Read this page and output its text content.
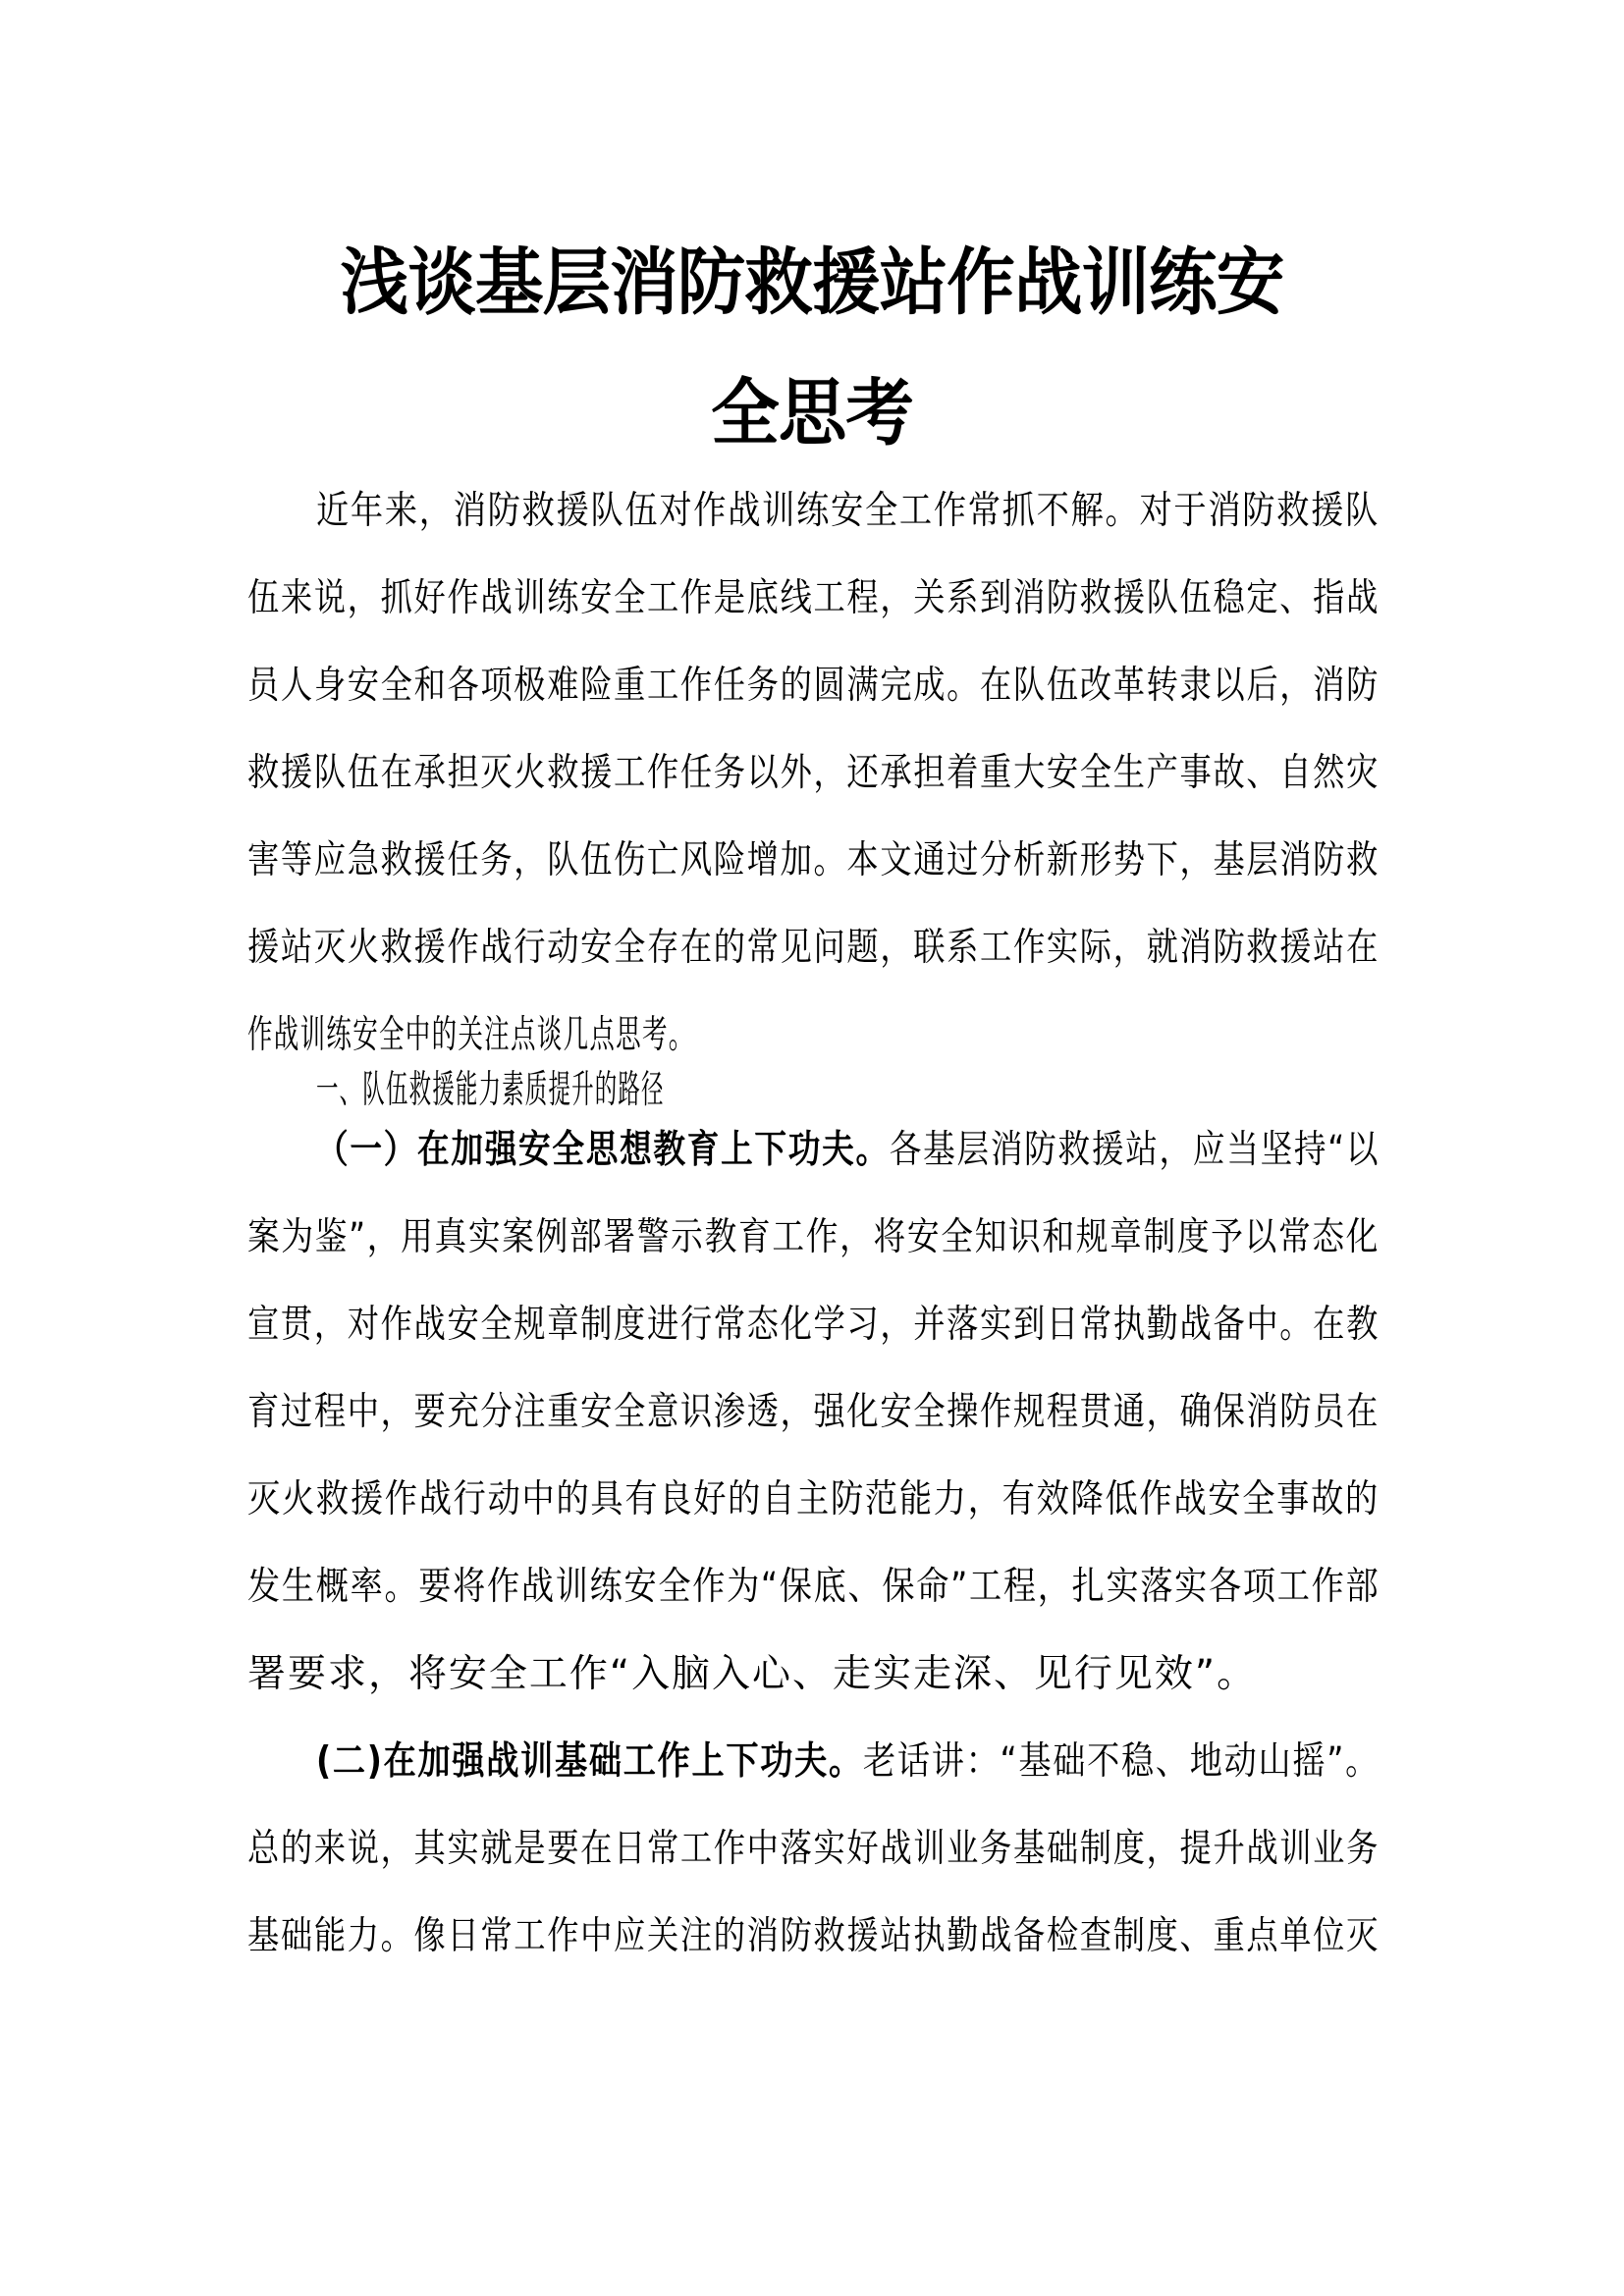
浅谈基层消防救援站作战训练安
全思考
近年来，消防救援队伍对作战训练安全工作常抓不解。对于消防救援队
伍来说，抓好作战训练安全工作是底线工程，关系到消防救援队伍稳定、指战
员人身安全和各项极难险重工作任务的圆满完成。在队伍改革转隶以后，消防
救援队伍在承担灭火救援工作任务以外，还承担着重大安全生产事故、自然灾
害等应急救援任务，队伍伤亡风险增加。本文通过分析新形势下，基层消防救
援站灭火救援作战行动安全存在的常见问题，联系工作实际，就消防救援站在
作战训练安全中的关注点谈几点思考。
一、队伍救援能力素质提升的路径
（一）在加强安全思想教育上下功夫。各基层消防救援站，应当坚持“以
案为鉴”，用真实案例部署警示教育工作，将安全知识和规章制度予以常态化
宣贯，对作战安全规章制度进行常态化学习，并落实到日常执勤战备中。在教
育过程中，要充分注重安全意识渗透，强化安全操作规程贯通，确保消防员在
灭火救援作战行动中的具有良好的自主防范能力，有效降低作战安全事故的
发生概率。要将作战训练安全作为“保底、保命”工程，扎实落实各项工作部
署要求，将安全工作“入脑入心、走实走深、见行见效”。
(二)在加强战训基础工作上下功夫。老话讲：“基础不稳、地动山摇”。
总的来说，其实就是要在日常工作中落实好战训业务基础制度，提升战训业务
基础能力。像日常工作中应关注的消防救援站执勤战备检查制度、重点单位灭
